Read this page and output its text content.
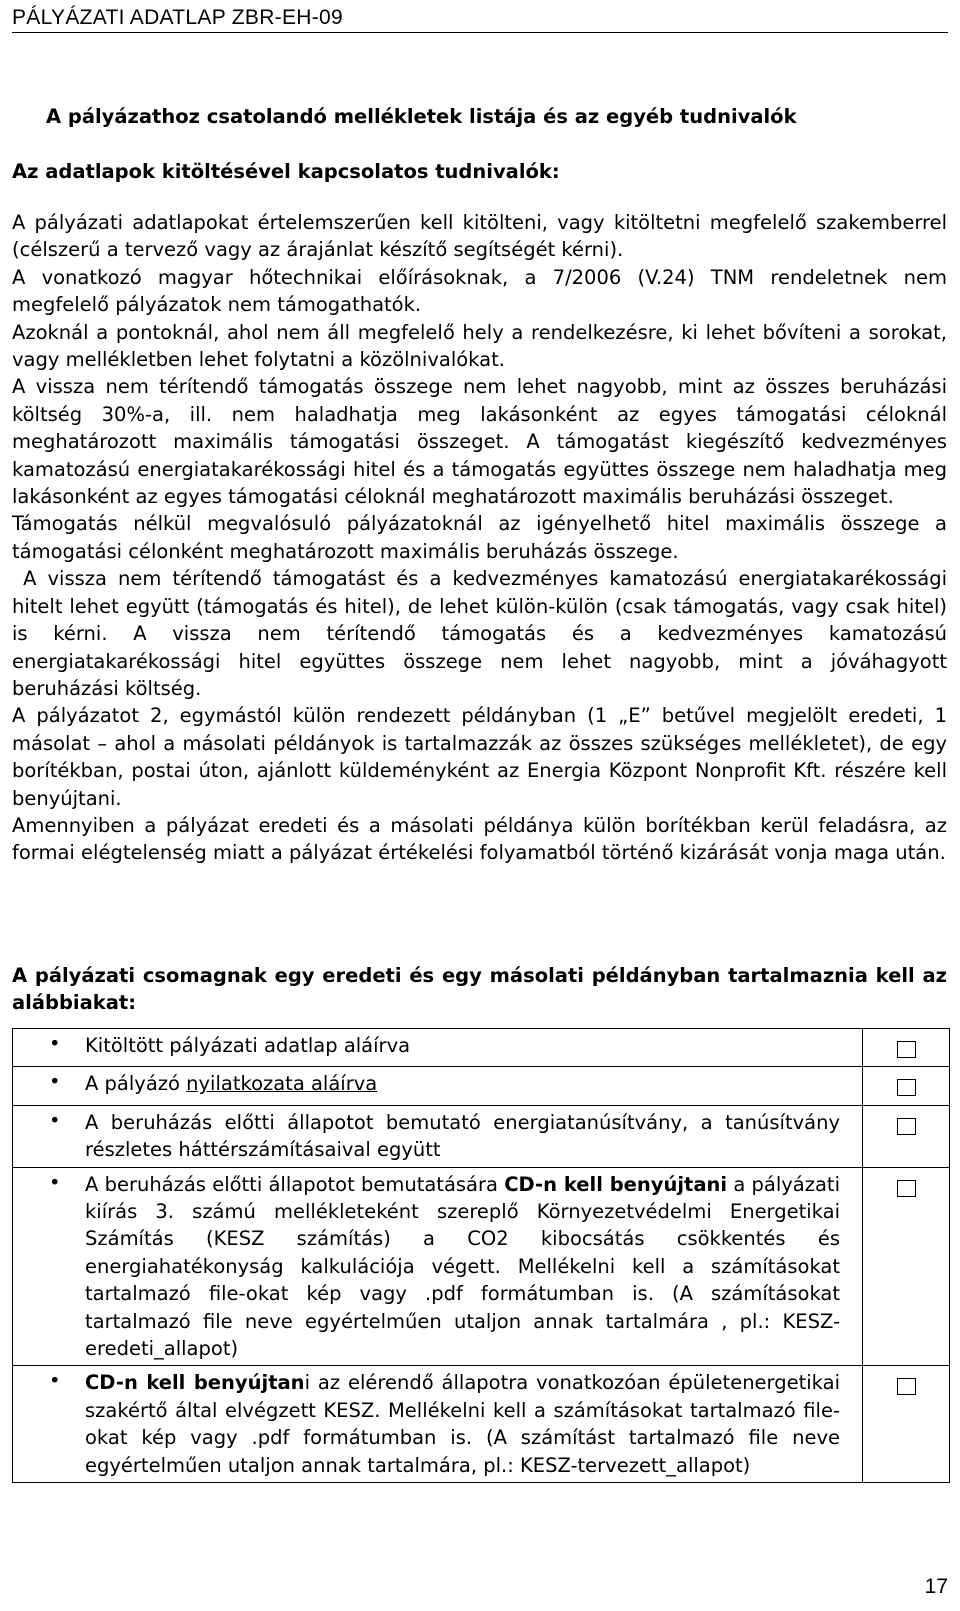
PÁLYÁZATI ADATLAP ZBR-EH-09
A pályázathoz csatolandó mellékletek listája és az egyéb tudnivalók
Az adatlapok kitöltésével kapcsolatos tudnivalók:

A pályázati adatlapokat értelemszerűen kell kitölteni, vagy kitöltetni megfelelő szakemberrel (célszerű a tervező vagy az árajánlat készítő segítségét kérni).

A vonatkozó magyar hőtechnikai előírásoknak, a 7/2006 (V.24) TNM rendeletnek nem megfelelő pályázatok nem támogathatók.

Azoknál a pontoknál, ahol nem áll megfelelő hely a rendelkezésre, ki lehet bővíteni a sorokat, vagy mellékletben lehet folytatni a közölnivalókat.

A vissza nem térítendő támogatás összege nem lehet nagyobb, mint az összes beruházási költség 30%-a, ill. nem haladhatja meg lakásonként az egyes támogatási céloknál meghatározott maximális támogatási összeget. A támogatást kiegészítő kedvezményes kamatozású energiatakarékossági hitel és a támogatás együttes összege nem haladhatja meg lakásonként az egyes támogatási céloknál meghatározott maximális beruházási összeget.

Támogatás nélkül megvalósuló pályázatoknál az igényelhető hitel maximális összege a támogatási célonként meghatározott maximális beruházás összege.

A vissza nem térítendő támogatást és a kedvezményes kamatozású energiatakarékossági hitelt lehet együtt (támogatás és hitel), de lehet külön-külön (csak támogatás, vagy csak hitel) is kérni. A vissza nem térítendő támogatás és a kedvezményes kamatozású energiatakarékossági hitel együttes összege nem lehet nagyobb, mint a jóváhagyott beruházási költség.

A pályázatot 2, egymástól külön rendezett példányban (1 „E” betűvel megjelölt eredeti, 1 másolat – ahol a másolati példányok is tartalmazzák az összes szükséges mellékletet), de egy borítékban, postai úton, ajánlott küldeményként az Energia Központ Nonprofit Kft. részére kell benyújtani.

Amennyiben a pályázat eredeti és a másolati példánya külön borítékban kerül feladásra, az formai elégtelenség miatt a pályázat értékelési folyamatból történő kizárását vonja maga után.

A pályázati csomagnak egy eredeti és egy másolati példányban tartalmaznia kell az alábbiakat:
• Kitöltött pályázati adatlap aláírva	

• A pályázó nyilatkozata aláírva	

• A beruházás előtti állapotot bemutató energiatanúsítvány, a tanúsítvány részletes háttérszámításaival együtt	

• A beruházás előtti állapotot bemutatására CD-n kell benyújtani a pályázati kiírás 3. számú mellékleteként szereplő Környezetvédelmi Energetikai Számítás (KESZ számítás) a CO2 kibocsátás csökkentés és energiahatékonyság kalkulációja végett. Mellékelni kell a számításokat tartalmazó file-okat kép vagy .pdf formátumban is. (A számításokat tartalmazó file neve egyértelműen utaljon annak tartalmára , pl.: KESZ-eredeti_allapot)	

• CD-n kell benyújtani az elérendő állapotra vonatkozóan épületenergetikai szakértő által elvégzett KESZ. Mellékelni kell a számításokat tartalmazó file-okat kép vagy .pdf formátumban is. (A számítást tartalmazó file neve egyértelműen utaljon annak tartalmára, pl.: KESZ-tervezett_allapot)	

17
